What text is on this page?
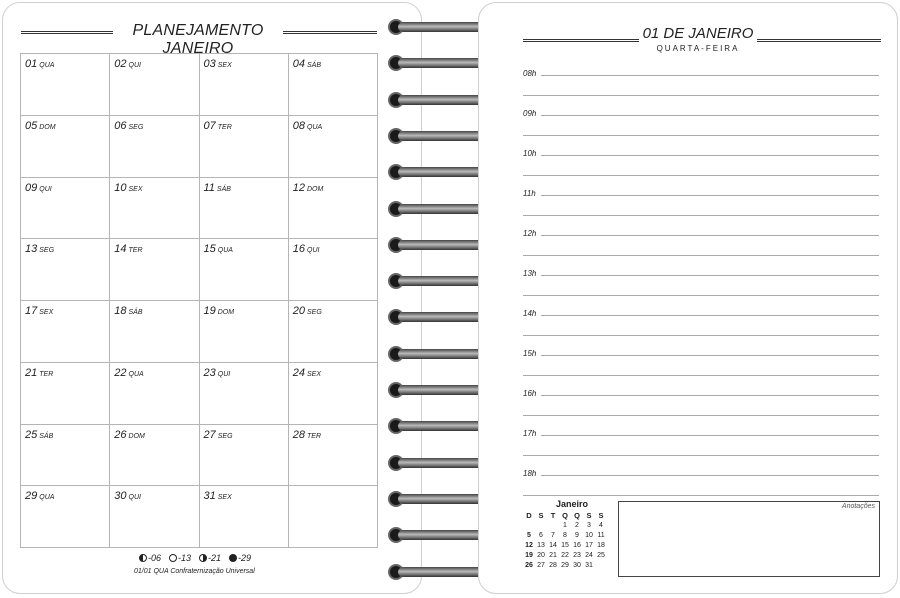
PLANEJAMENTO JANEIRO
01 QUA	02 QUI	03 SEX	04 SÁB
05 DOM	06 SEG	07 TER	08 QUA
09 QUI	10 SEX	11 SÁB	12 DOM
13 SEG	14 TER	15 QUA	16 QUI
17 SEX	18 SÁB	19 DOM	20 SEG
21 TER	22 QUA	23 QUI	24 SEX
25 SÁB	26 DOM	27 SEG	28 TER
29 QUA	30 QUI	31 SEX
-06 -13 -21 -29
01/01 QUA Confraternização Universal
01 DE JANEIRO
QUARTA-FEIRA
08h
09h
10h
11h
12h
13h
14h
15h
16h
17h
18h
Janeiro
D	S	T	Q	Q	S	S
			1	2	3	4
5	6	7	8	9	10	11
12	13	14	15	16	17	18
19	20	21	22	23	24	25
26	27	28	29	30	31	
Anotações
